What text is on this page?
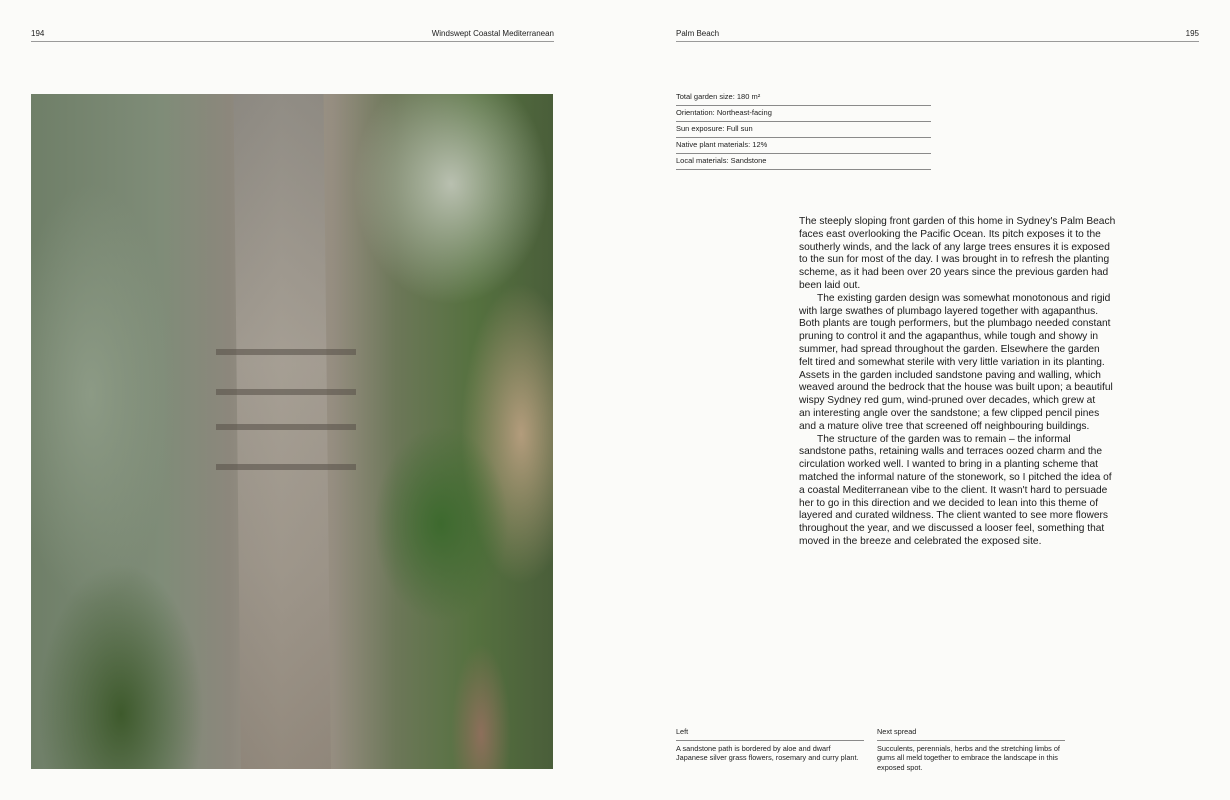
194	Windswept Coastal Mediterranean	Palm Beach	195
Total garden size: 180 m²
Orientation: Northeast-facing
Sun exposure: Full sun
Native plant materials: 12%
Local materials: Sandstone
The steeply sloping front garden of this home in Sydney's Palm Beach
faces east overlooking the Pacific Ocean. Its pitch exposes it to the
southerly winds, and the lack of any large trees ensures it is exposed
to the sun for most of the day. I was brought in to refresh the planting
scheme, as it had been over 20 years since the previous garden had
been laid out.
The existing garden design was somewhat monotonous and rigid
with large swathes of plumbago layered together with agapanthus.
Both plants are tough performers, but the plumbago needed constant
pruning to control it and the agapanthus, while tough and showy in
summer, had spread throughout the garden. Elsewhere the garden
felt tired and somewhat sterile with very little variation in its planting.
Assets in the garden included sandstone paving and walling, which
weaved around the bedrock that the house was built upon; a beautiful
wispy Sydney red gum, wind-pruned over decades, which grew at
an interesting angle over the sandstone; a few clipped pencil pines
and a mature olive tree that screened off neighbouring buildings.
The structure of the garden was to remain – the informal
sandstone paths, retaining walls and terraces oozed charm and the
circulation worked well. I wanted to bring in a planting scheme that
matched the informal nature of the stonework, so I pitched the idea of
a coastal Mediterranean vibe to the client. It wasn't hard to persuade
her to go in this direction and we decided to lean into this theme of
layered and curated wildness. The client wanted to see more flowers
throughout the year, and we discussed a looser feel, something that
moved in the breeze and celebrated the exposed site.
Left
A sandstone path is bordered by aloe and dwarf Japanese silver grass flowers, rosemary and curry plant.
Next spread
Succulents, perennials, herbs and the stretching limbs of gums all meld together to embrace the landscape in this exposed spot.
